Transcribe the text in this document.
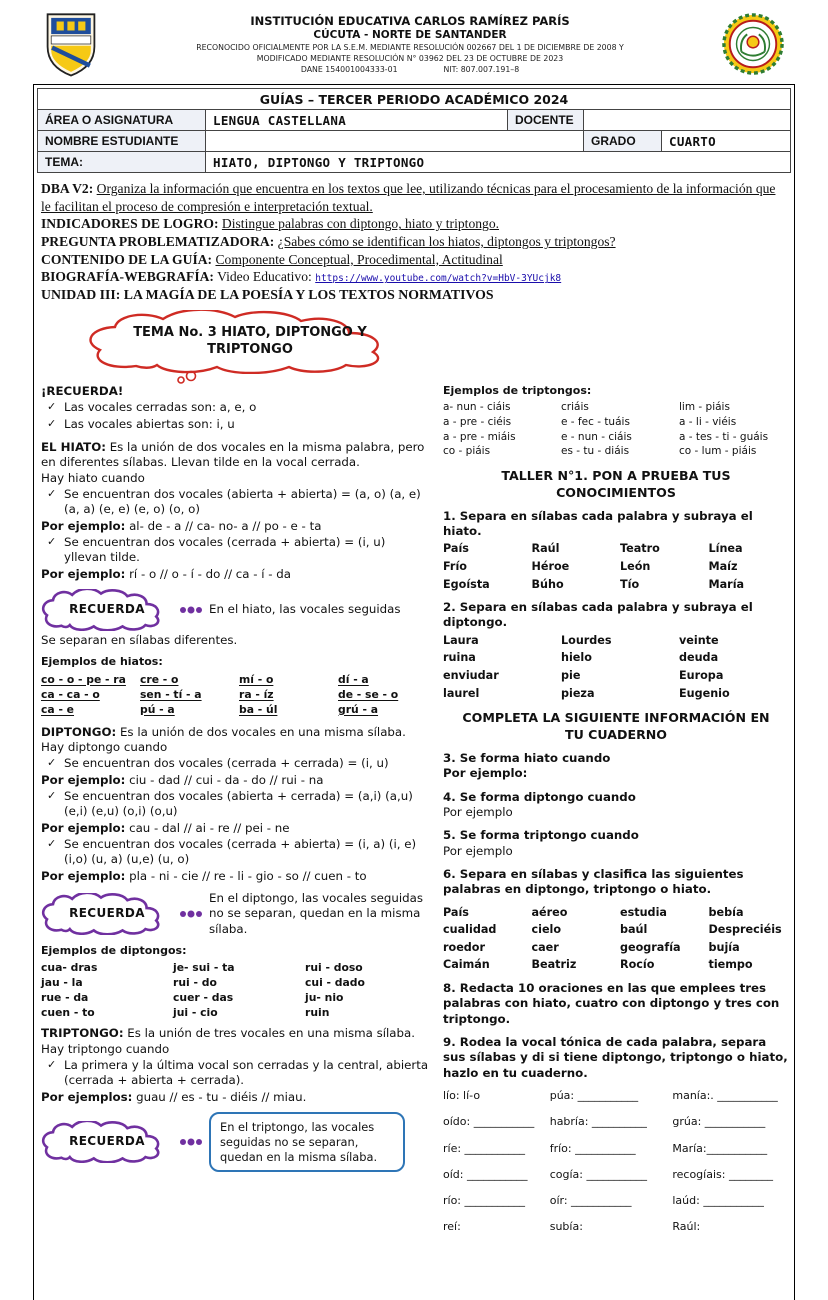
INSTITUCIÓN EDUCATIVA CARLOS RAMÍREZ PARÍS
CÚCUTA - NORTE DE SANTANDER
RECONOCIDO OFICIALMENTE POR LA S.E.M. MEDIANTE RESOLUCIÓN 002667 DEL 1 DE DICIEMBRE DE 2008 Y
MODIFICADO MEDIANTE RESOLUCIÓN N° 03962 DEL 23 DE OCTUBRE DE 2023
DANE 154001004333-01	NIT: 807.007.191–8
GUÍAS – TERCER PERIODO ACADÉMICO 2024				
ÁREA O ASIGNATURA	LENGUA CASTELLANA	DOCENTE		
NOMBRE ESTUDIANTE			GRADO	CUARTO
TEMA:	HIATO, DIPTONGO Y TRIPTONGO			

DBA V2: Organiza la información que encuentra en los textos que lee, utilizando técnicas para el procesamiento de la información que le facilitan el proceso de compresión e interpretación textual.

INDICADORES DE LOGRO: Distingue palabras con diptongo, hiato y triptongo.

PREGUNTA PROBLEMATIZADORA: ¿Sabes cómo se identifican los hiatos, diptongos y triptongos?

CONTENIDO DE LA GUÍA: Componente Conceptual, Procedimental, Actitudinal

BIOGRAFÍA-WEBGRAFÍA: Video Educativo: https://www.youtube.com/watch?v=HbV-3YUcjk8

UNIDAD III: LA MAGÍA DE LA POESÍA Y LOS TEXTOS NORMATIVOS

TEMA No. 3 HIATO, DIPTONGO Y TRIPTONGO

¡RECUERDA!

✓ Las vocales cerradas son: a, e, o
✓ Las vocales abiertas son: i, u

EL HIATO: Es la unión de dos vocales en la misma palabra, pero en diferentes sílabas. Llevan tilde en la vocal cerrada.

Hay hiato cuando

✓ Se encuentran dos vocales (abierta + abierta) = (a, o) (a, e)(a, a) (e, e) (e, o) (o, o)

Por ejemplo: al- de - a // ca- no- a // po - e - ta

✓ Se encuentran dos vocales (cerrada + abierta) = (i, u) yllevan tilde.

Por ejemplo: rí - o // o - í - do // ca - í - da

RECUERDA	En el hiato, las vocales seguidas

Se separan en sílabas diferentes.

Ejemplos de hiatos:

co - o - pe - ra	cre - o	mí - o	dí - a
ca - ca - o	sen - tí - a	ra - íz	de - se - o
ca - e	pú - a	ba - úl	grú - a

DIPTONGO: Es la unión de dos vocales en una misma sílaba.

Hay diptongo cuando

✓ Se encuentran dos vocales (cerrada + cerrada) = (i, u)

Por ejemplo: ciu - dad // cui - da - do // rui - na

✓ Se encuentran dos vocales (abierta + cerrada) = (a,i) (a,u) (e,i) (e,u) (o,i) (o,u)

Por ejemplo: cau - dal // ai - re // pei - ne

✓ Se encuentran dos vocales (cerrada + abierta) = (i, a) (i, e) (i,o) (u, a) (u,e) (u, o)

Por ejemplo: pla - ni - cie // re - li - gio - so // cuen - to

RECUERDA
En el diptongo, las vocales seguidas no se separan, quedan en la misma sílaba.

Ejemplos de diptongos:

cua- dras	je- sui - ta	rui - doso
jau - la	rui - do	cui - dado
rue - da	cuer - das	ju- nio
cuen - to	jui - cio	ruin

TRIPTONGO: Es la unión de tres vocales en una misma sílaba.

Hay triptongo cuando

✓ La primera y la última vocal son cerradas y la central, abierta (cerrada + abierta + cerrada).

Por ejemplos: guau // es - tu - diéis // miau.

RECUERDA
En el triptongo, las vocales seguidas no se separan, quedan en la misma sílaba.

Ejemplos de triptongos:

a- nun - ciáis	criáis	lim - piáis
a - pre - ciéis	e - fec - tuáis	a - li - viéis
a - pre - miáis	e - nun - ciáis	a - tes - ti - guáis
co - piáis	es - tu - diáis	co - lum - piáis

TALLER N°1. PON A PRUEBA TUS CONOCIMIENTOS

1. Separa en sílabas cada palabra y subraya el hiato.

País	Raúl	Teatro	Línea
Frío	Héroe	León	Maíz
Egoísta	Búho	Tío	María

2. Separa en sílabas cada palabra y subraya el diptongo.

Laura	Lourdes	veinte
ruina	hielo	deuda
enviudar	pie	Europa
laurel	pieza	Eugenio

COMPLETA LA SIGUIENTE INFORMACIÓN EN TU CUADERNO

3. Se forma hiato cuando

Por ejemplo:

4. Se forma diptongo cuando

Por ejemplo

5. Se forma triptongo cuando

Por ejemplo

6. Separa en sílabas y clasifica las siguientes palabras en diptongo, triptongo o hiato.

País	aéreo	estudia	bebía
cualidad	cielo	baúl	Despreciéis
roedor	caer	geografía	bujía
Caimán	Beatriz	Rocío	tiempo

8. Redacta 10 oraciones en las que emplees tres palabras con hiato, cuatro con diptongo y tres con triptongo.

9. Rodea la vocal tónica de cada palabra, separa sus sílabas y di si tiene diptongo, triptongo o hiato, hazlo en tu cuaderno.

lío: lí-o	púa: ___________	manía:. ___________
oído: ___________	habría: __________	grúa: ___________
ríe: ___________	frío: ___________	María:___________
oíd: ___________	cogía: ___________	recogíais: ________
río: ___________	oír: ___________	laúd: ___________
reí:	subía:	Raúl:
